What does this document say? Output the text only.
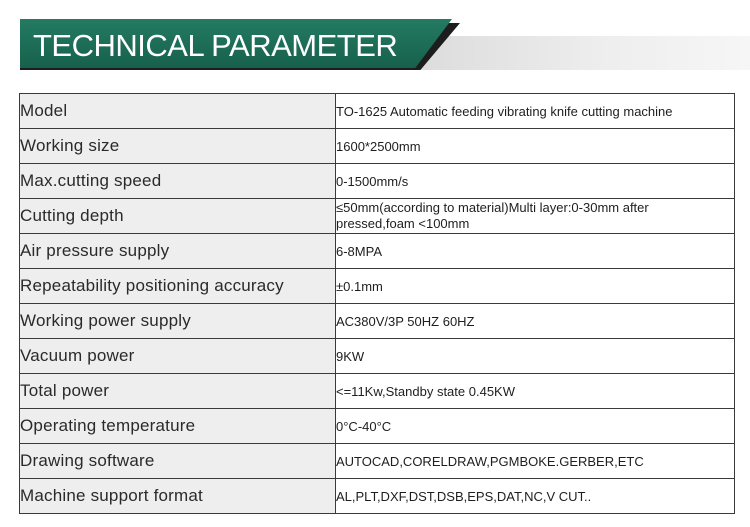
TECHNICAL PARAMETER
Model	TO-1625 Automatic feeding vibrating knife cutting machine
Working size	1600*2500mm
Max.cutting speed	0-1500mm/s
Cutting depth	≤50mm(according to material)Multi layer:0-30mm after pressed,foam <100mm
Air pressure supply	6-8MPA
Repeatability positioning accuracy	±0.1mm
Working power supply	AC380V/3P 50HZ 60HZ
Vacuum power	9KW
Total power	<=11Kw,Standby state 0.45KW
Operating temperature	0°C-40°C
Drawing software	AUTOCAD,CORELDRAW,PGMBOKE.GERBER,ETC
Machine support format	AL,PLT,DXF,DST,DSB,EPS,DAT,NC,V CUT..
